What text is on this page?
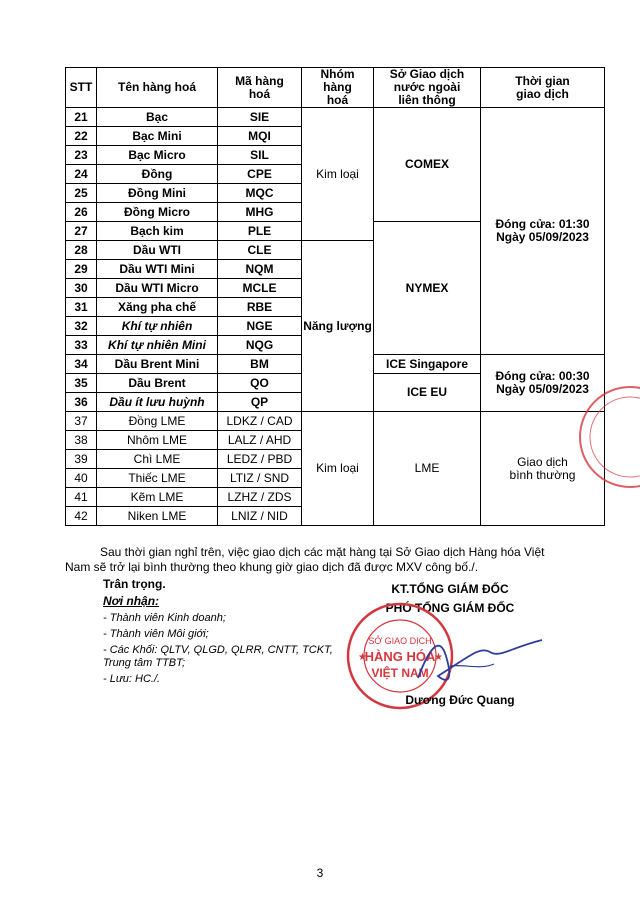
STT	Tên hàng hoá	Mã hàng hoá	Nhóm hàng hoá	Sở Giao dịch nước ngoài liên thông	Thời gian giao dịch
21	Bạc	SIE	Kim loại	COMEX	Đóng cửa: 01:30 Ngày 05/09/2023
22	Bạc Mini	MQI			
23	Bạc Micro	SIL			
24	Đồng	CPE			
25	Đồng Mini	MQC			
26	Đồng Micro	MHG			
27	Bạch kim	PLE		NYMEX	
28	Dầu WTI	CLE	Năng lượng		
29	Dầu WTI Mini	NQM			
30	Dầu WTI Micro	MCLE			
31	Xăng pha chế	RBE			
32	Khí tự nhiên	NGE			
33	Khí tự nhiên Mini	NQG			
34	Dầu Brent Mini	BM		ICE Singapore	Đóng cửa: 00:30 Ngày 05/09/2023
35	Dầu Brent	QO		ICE EU	
36	Dầu ít lưu huỳnh	QP			
37	Đồng LME	LDKZ / CAD	Kim loại	LME	Giao dịch bình thường
38	Nhôm LME	LALZ / AHD			
39	Chì LME	LEDZ / PBD			
40	Thiếc LME	LTIZ / SND			
41	Kẽm LME	LZHZ / ZDS			
42	Niken LME	LNIZ / NID			
Sau thời gian nghỉ trên, việc giao dịch các mặt hàng tại Sở Giao dịch Hàng hóa Việt
Nam sẽ trở lại bình thường theo khung giờ giao dịch đã được MXV công bố./.
Trân trọng.
Nơi nhận:
- Thành viên Kinh doanh;
- Thành viên Môi giới;
- Các Khối: QLTV, QLGD, QLRR, CNTT, TCKT,
Trung tâm TTBT;
- Lưu: HC./.
KT.TỔNG GIÁM ĐỐC
PHÓ TỔNG GIÁM ĐỐC
SỞ GIAO DỊCH
HÀNG HÓA
VIỆT NAM
★	★
Dương Đức Quang
3
